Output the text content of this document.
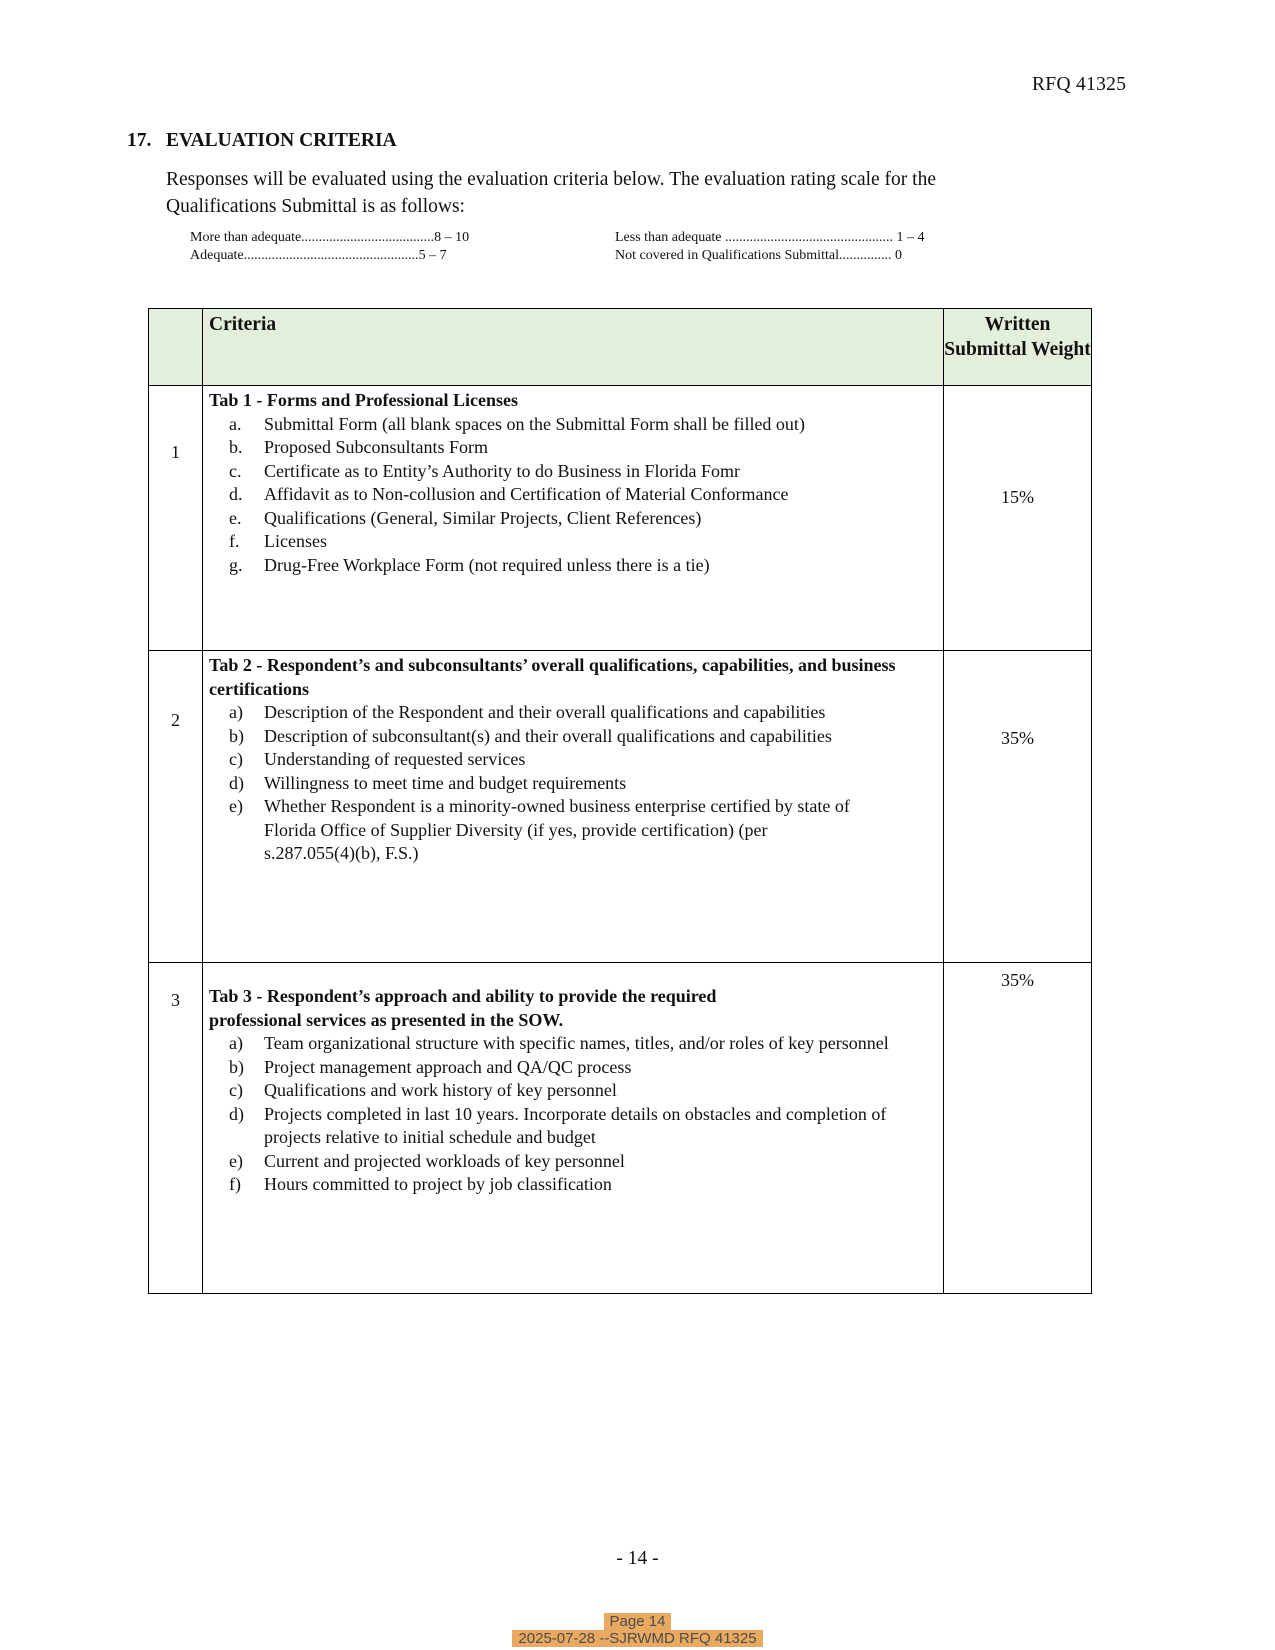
RFQ 41325
17. EVALUATION CRITERIA
Responses will be evaluated using the evaluation criteria below. The evaluation rating scale for the Qualifications Submittal is as follows:
More than adequate......................................8 – 10
Adequate..................................................5 – 7
Less than adequate ................................................ 1 – 4
Not covered in Qualifications Submittal............... 0
	Criteria	Written Submittal Weight
1	
Tab 1 - Forms and Professional Licenses
a.	Submittal Form (all blank spaces on the Submittal Form shall be filled out)
b.	Proposed Subconsultants Form
c.	Certificate as to Entity’s Authority to do Business in Florida Fomr
d.	Affidavit as to Non-collusion and Certification of Material Conformance
e.	Qualifications (General, Similar Projects, Client References)
f.	Licenses
g.	Drug-Free Workplace Form (not required unless there is a tie)
	15%
2	
Tab 2 - Respondent’s and subconsultants’ overall qualifications, capabilities, and business certifications
a)	Description of the Respondent and their overall qualifications and capabilities
b)	Description of subconsultant(s) and their overall qualifications and capabilities
c)	Understanding of requested services
d)	Willingness to meet time and budget requirements
e)	Whether Respondent is a minority-owned business enterprise certified by state of Florida Office of Supplier Diversity (if yes, provide certification) (per s.287.055(4)(b), F.S.)
	35%
3	Tab 3 - Respondent’s approach and ability to provide the required professional services as presented in the SOW.
a)	Team organizational structure with specific names, titles, and/or roles of key personnel
b)	Project management approach and QA/QC process
c)	Qualifications and work history of key personnel
d)	Projects completed in last 10 years. Incorporate details on obstacles and completion of projects relative to initial schedule and budget
e)	Current and projected workloads of key personnel
f)	Hours committed to project by job classification
	35%
- 14 -
Page 14
2025-07-28 --SJRWMD RFQ 41325
